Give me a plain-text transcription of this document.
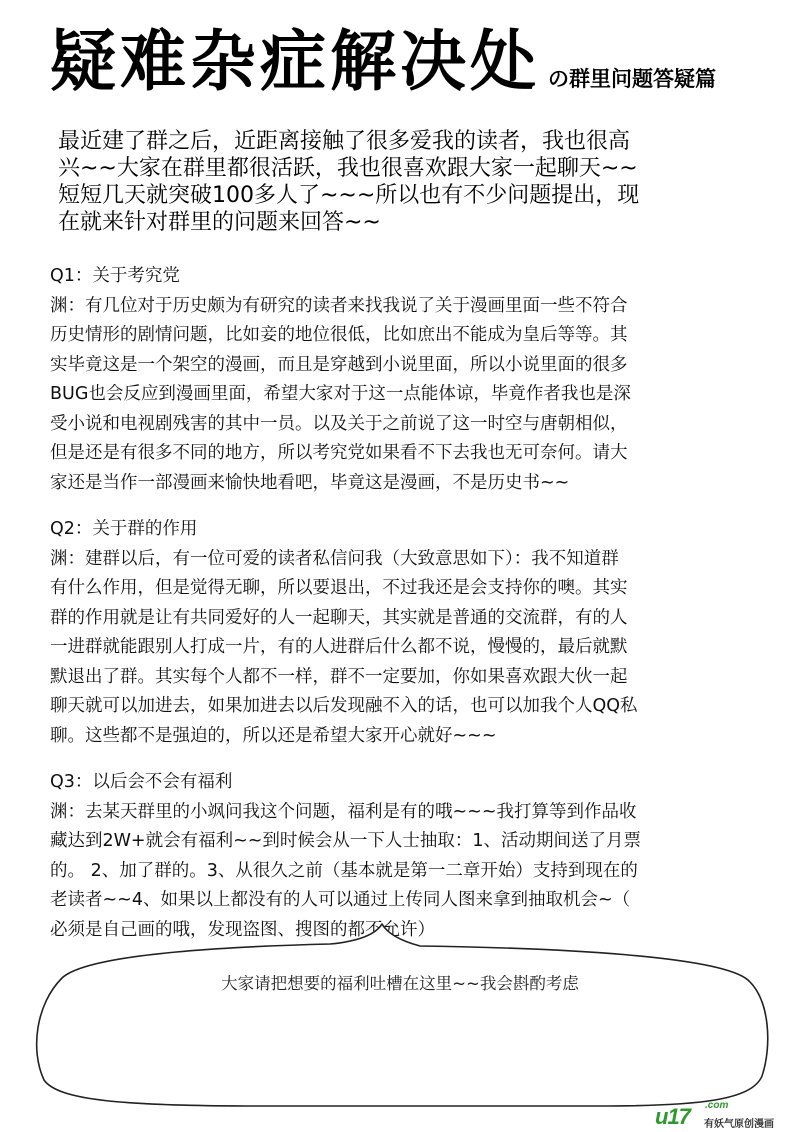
疑难杂症解决处 の群里问题答疑篇

最近建了群之后，近距离接触了很多爱我的读者，我也很高

兴~~大家在群里都很活跃，我也很喜欢跟大家一起聊天~~

短短几天就突破100多人了~~~所以也有不少问题提出，现

在就来针对群里的问题来回答~~

Q1：关于考究党

渊：有几位对于历史颇为有研究的读者来找我说了关于漫画里面一些不符合

历史情形的剧情问题，比如妾的地位很低，比如庶出不能成为皇后等等。其

实毕竟这是一个架空的漫画，而且是穿越到小说里面，所以小说里面的很多

BUG也会反应到漫画里面，希望大家对于这一点能体谅，毕竟作者我也是深

受小说和电视剧残害的其中一员。以及关于之前说了这一时空与唐朝相似，

但是还是有很多不同的地方，所以考究党如果看不下去我也无可奈何。请大

家还是当作一部漫画来愉快地看吧，毕竟这是漫画，不是历史书~~

Q2：关于群的作用

渊：建群以后，有一位可爱的读者私信问我（大致意思如下）：我不知道群

有什么作用，但是觉得无聊，所以要退出，不过我还是会支持你的噢。其实

群的作用就是让有共同爱好的人一起聊天，其实就是普通的交流群，有的人

一进群就能跟别人打成一片，有的人进群后什么都不说，慢慢的，最后就默

默退出了群。其实每个人都不一样，群不一定要加，你如果喜欢跟大伙一起

聊天就可以加进去，如果加进去以后发现融不入的话，也可以加我个人QQ私

聊。这些都不是强迫的，所以还是希望大家开心就好~~~

Q3：以后会不会有福利

渊：去某天群里的小飒问我这个问题，福利是有的哦~~~我打算等到作品收

藏达到2W+就会有福利~~到时候会从一下人士抽取：1、活动期间送了月票

的。 2、加了群的。3、从很久之前（基本就是第一二章开始）支持到现在的

老读者~~4、如果以上都没有的人可以通过上传同人图来拿到抽取机会~（

必须是自己画的哦，发现盗图、搜图的都不允许）

大家请把想要的福利吐槽在这里~~我会斟酌考虑
u17 .com
有妖气原创漫画
